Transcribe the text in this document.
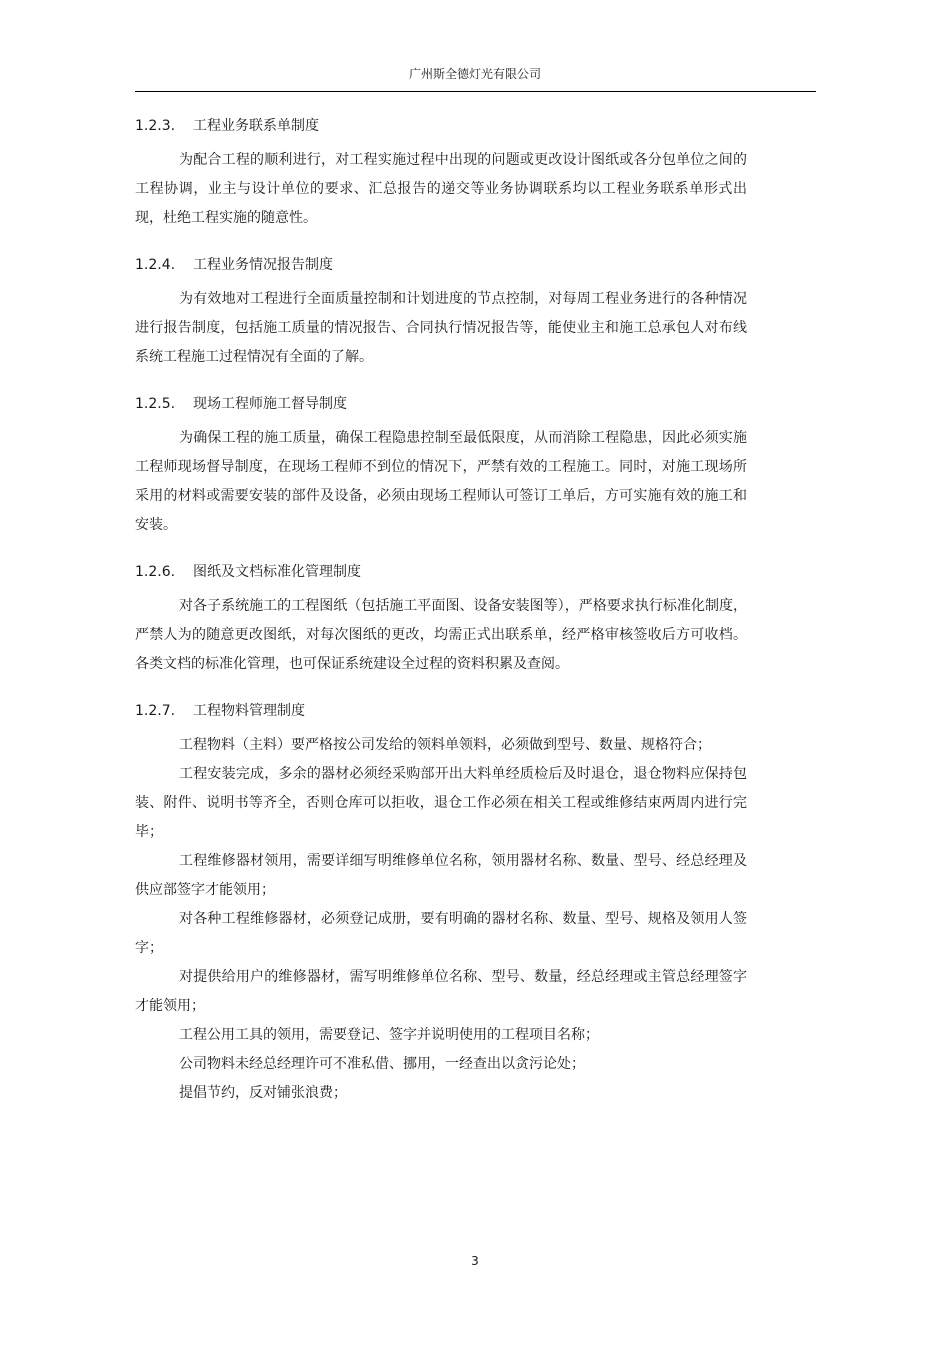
广州斯全德灯光有限公司
1.2.3. 工程业务联系单制度

为配合工程的顺利进行，对工程实施过程中出现的问题或更改设计图纸或各分包单位之间的工程协调，业主与设计单位的要求、汇总报告的递交等业务协调联系均以工程业务联系单形式出现，杜绝工程实施的随意性。

1.2.4. 工程业务情况报告制度

为有效地对工程进行全面质量控制和计划进度的节点控制，对每周工程业务进行的各种情况进行报告制度，包括施工质量的情况报告、合同执行情况报告等，能使业主和施工总承包人对布线系统工程施工过程情况有全面的了解。

1.2.5. 现场工程师施工督导制度

为确保工程的施工质量，确保工程隐患控制至最低限度，从而消除工程隐患，因此必须实施工程师现场督导制度，在现场工程师不到位的情况下，严禁有效的工程施工。同时，对施工现场所采用的材料或需要安装的部件及设备，必须由现场工程师认可签订工单后，方可实施有效的施工和安装。

1.2.6. 图纸及文档标准化管理制度

对各子系统施工的工程图纸（包括施工平面图、设备安装图等），严格要求执行标准化制度，严禁人为的随意更改图纸，对每次图纸的更改，均需正式出联系单，经严格审核签收后方可收档。各类文档的标准化管理，也可保证系统建设全过程的资料积累及查阅。

1.2.7. 工程物料管理制度

工程物料（主料）要严格按公司发给的领料单领料，必须做到型号、数量、规格符合；

工程安装完成，多余的器材必须经采购部开出大料单经质检后及时退仓，退仓物料应保持包装、附件、说明书等齐全，否则仓库可以拒收，退仓工作必须在相关工程或维修结束两周内进行完毕；

工程维修器材领用，需要详细写明维修单位名称，领用器材名称、数量、型号、经总经理及供应部签字才能领用；

对各种工程维修器材，必须登记成册，要有明确的器材名称、数量、型号、规格及领用人签字；

对提供给用户的维修器材，需写明维修单位名称、型号、数量，经总经理或主管总经理签字才能领用；

工程公用工具的领用，需要登记、签字并说明使用的工程项目名称；

公司物料未经总经理许可不准私借、挪用，一经查出以贪污论处；

提倡节约，反对铺张浪费；

3
